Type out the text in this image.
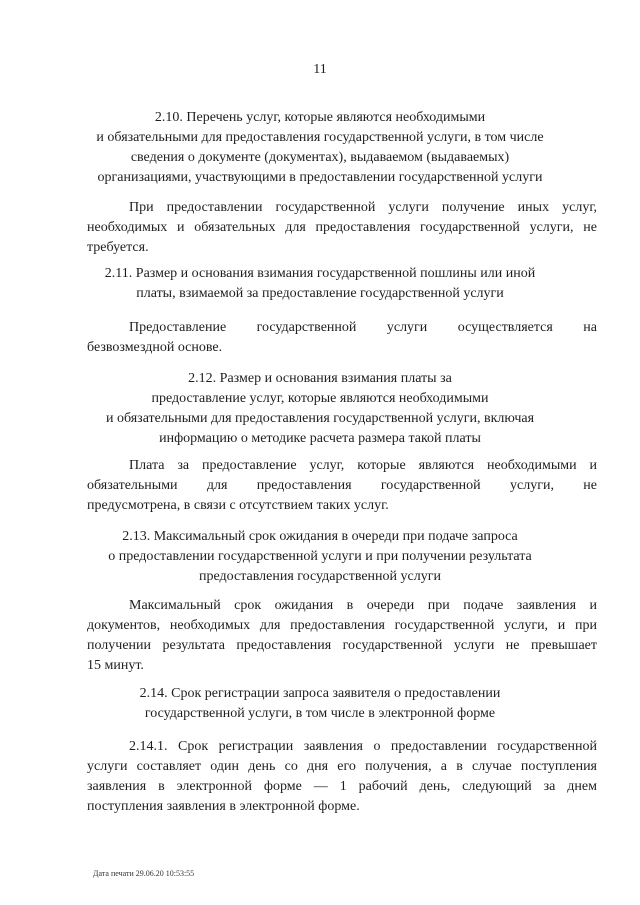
11
2.10. Перечень услуг, которые являются необходимыми
и обязательными для предоставления государственной услуги, в том числе
сведения о документе (документах), выдаваемом (выдаваемых)
организациями, участвующими в предоставлении государственной услуги

При предоставлении государственной услуги получение иных услуг,
необходимых и обязательных для предоставления государственной услуги, не
требуется.

2.11. Размер и основания взимания государственной пошлины или иной
платы, взимаемой за предоставление государственной услуги

Предоставление государственной услуги осуществляется на
безвозмездной основе.

2.12. Размер и основания взимания платы за
предоставление услуг, которые являются необходимыми
и обязательными для предоставления государственной услуги, включая
информацию о методике расчета размера такой платы

Плата за предоставление услуг, которые являются необходимыми и
обязательными для предоставления государственной услуги, не
предусмотрена, в связи с отсутствием таких услуг.

2.13. Максимальный срок ожидания в очереди при подаче запроса
о предоставлении государственной услуги и при получении результата
предоставления государственной услуги

Максимальный срок ожидания в очереди при подаче заявления и
документов, необходимых для предоставления государственной услуги, и при
получении результата предоставления государственной услуги не превышает
15 минут.

2.14. Срок регистрации запроса заявителя о предоставлении
государственной услуги, в том числе в электронной форме

2.14.1. Срок регистрации заявления о предоставлении государственной
услуги составляет один день со дня его получения, а в случае поступления
заявления в электронной форме — 1 рабочий день, следующий за днем
поступления заявления в электронной форме.

Дата печати 29.06.20 10:53:55
